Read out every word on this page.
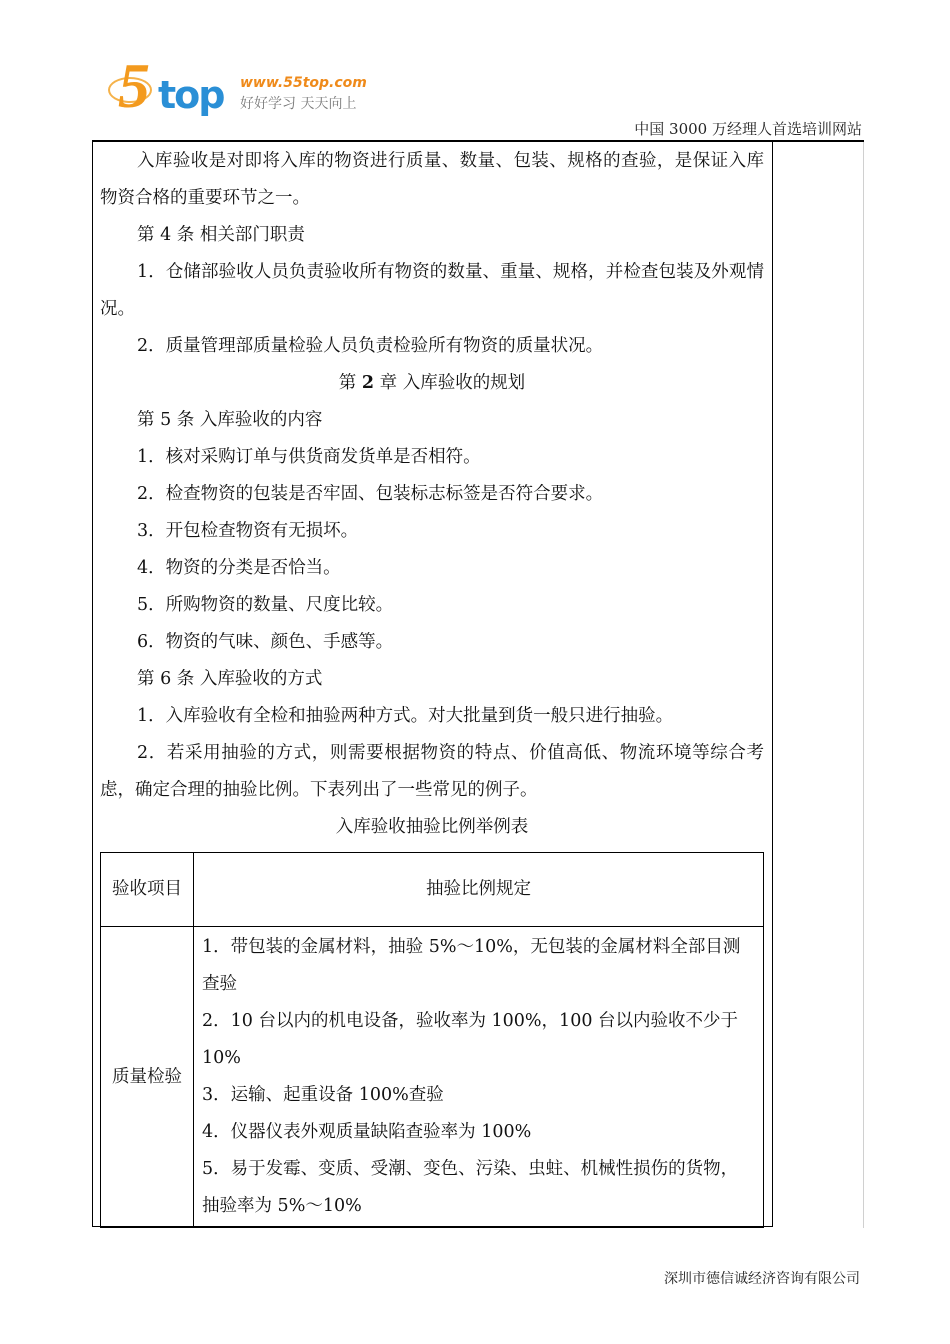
5 top www.55top.com
好好学习 天天向上
中国 3000 万经理人首选培训网站

入库验收是对即将入库的物资进行质量、数量、包装、规格的查验，是保证入库物资合格的重要环节之一。

第 4 条 相关部门职责

1．仓储部验收人员负责验收所有物资的数量、重量、规格，并检查包装及外观情况。

2．质量管理部质量检验人员负责检验所有物资的质量状况。

第 2 章 入库验收的规划

第 5 条 入库验收的内容

1．核对采购订单与供货商发货单是否相符。

2．检查物资的包装是否牢固、包装标志标签是否符合要求。

3．开包检查物资有无损坏。

4．物资的分类是否恰当。

5．所购物资的数量、尺度比较。

6．物资的气味、颜色、手感等。

第 6 条 入库验收的方式

1．入库验收有全检和抽验两种方式。对大批量到货一般只进行抽验。

2．若采用抽验的方式，则需要根据物资的特点、价值高低、物流环境等综合考虑，确定合理的抽验比例。下表列出了一些常见的例子。

入库验收抽验比例举例表

验收项目	抽验比例规定
质量检验	1．带包装的金属材料，抽验 5%～10%，无包装的金属材料全部目测查验
2．10 台以内的机电设备，验收率为 100%，100 台以内验收不少于 10%
3．运输、起重设备 100%查验
4．仪器仪表外观质量缺陷查验率为 100%
5．易于发霉、变质、受潮、变色、污染、虫蛀、机械性损伤的货物，抽验率为 5%～10%
深圳市德信诚经济咨询有限公司
